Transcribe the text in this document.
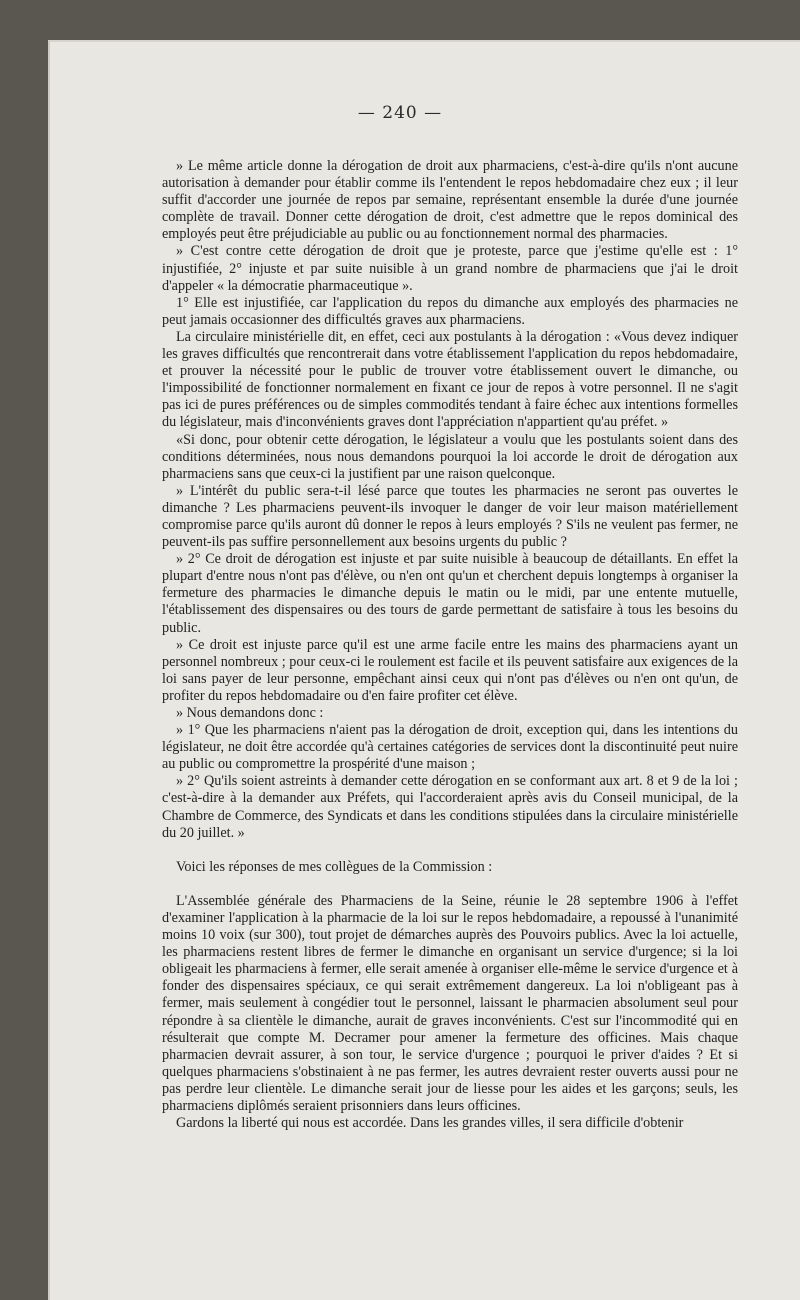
— 240 —

» Le même article donne la dérogation de droit aux pharmaciens, c'est-à-dire qu'ils n'ont aucune autorisation à demander pour établir comme ils l'entendent le repos hebdomadaire chez eux ; il leur suffit d'accorder une journée de repos par semaine, représentant ensemble la durée d'une journée complète de travail. Donner cette dérogation de droit, c'est admettre que le repos dominical des employés peut être préjudiciable au public ou au fonctionnement normal des pharmacies.

» C'est contre cette dérogation de droit que je proteste, parce que j'estime qu'elle est : 1° injustifiée, 2° injuste et par suite nuisible à un grand nombre de pharmaciens que j'ai le droit d'appeler « la démocratie pharmaceutique ».

1° Elle est injustifiée, car l'application du repos du dimanche aux employés des pharmacies ne peut jamais occasionner des difficultés graves aux pharmaciens.

La circulaire ministérielle dit, en effet, ceci aux postulants à la dérogation : «Vous devez indiquer les graves difficultés que rencontrerait dans votre établissement l'application du repos hebdomadaire, et prouver la nécessité pour le public de trouver votre établissement ouvert le dimanche, ou l'impossibilité de fonctionner normalement en fixant ce jour de repos à votre personnel. Il ne s'agit pas ici de pures préférences ou de simples commodités tendant à faire échec aux intentions formelles du législateur, mais d'inconvénients graves dont l'appréciation n'appartient qu'au préfet. »

«Si donc, pour obtenir cette dérogation, le législateur a voulu que les postulants soient dans des conditions déterminées, nous nous demandons pourquoi la loi accorde le droit de dérogation aux pharmaciens sans que ceux-ci la justifient par une raison quelconque.

» L'intérêt du public sera-t-il lésé parce que toutes les pharmacies ne seront pas ouvertes le dimanche ? Les pharmaciens peuvent-ils invoquer le danger de voir leur maison matériellement compromise parce qu'ils auront dû donner le repos à leurs employés ? S'ils ne veulent pas fermer, ne peuvent-ils pas suffire personnellement aux besoins urgents du public ?

» 2° Ce droit de dérogation est injuste et par suite nuisible à beaucoup de détaillants. En effet la plupart d'entre nous n'ont pas d'élève, ou n'en ont qu'un et cherchent depuis longtemps à organiser la fermeture des pharmacies le dimanche depuis le matin ou le midi, par une entente mutuelle, l'établissement des dispensaires ou des tours de garde permettant de satisfaire à tous les besoins du public.

» Ce droit est injuste parce qu'il est une arme facile entre les mains des pharmaciens ayant un personnel nombreux ; pour ceux-ci le roulement est facile et ils peuvent satisfaire aux exigences de la loi sans payer de leur personne, empêchant ainsi ceux qui n'ont pas d'élèves ou n'en ont qu'un, de profiter du repos hebdomadaire ou d'en faire profiter cet élève.

» Nous demandons donc :

» 1° Que les pharmaciens n'aient pas la dérogation de droit, exception qui, dans les intentions du législateur, ne doit être accordée qu'à certaines catégories de services dont la discontinuité peut nuire au public ou compromettre la prospérité d'une maison ;

» 2° Qu'ils soient astreints à demander cette dérogation en se conformant aux art. 8 et 9 de la loi ; c'est-à-dire à la demander aux Préfets, qui l'accorderaient après avis du Conseil municipal, de la Chambre de Commerce, des Syndicats et dans les conditions stipulées dans la circulaire ministérielle du 20 juillet. »

Voici les réponses de mes collègues de la Commission :

L'Assemblée générale des Pharmaciens de la Seine, réunie le 28 septembre 1906 à l'effet d'examiner l'application à la pharmacie de la loi sur le repos hebdomadaire, a repoussé à l'unanimité moins 10 voix (sur 300), tout projet de démarches auprès des Pouvoirs publics. Avec la loi actuelle, les pharmaciens restent libres de fermer le dimanche en organisant un service d'urgence; si la loi obligeait les pharmaciens à fermer, elle serait amenée à organiser elle-même le service d'urgence et à fonder des dispensaires spéciaux, ce qui serait extrêmement dangereux. La loi n'obligeant pas à fermer, mais seulement à congédier tout le personnel, laissant le pharmacien absolument seul pour répondre à sa clientèle le dimanche, aurait de graves inconvénients. C'est sur l'incommodité qui en résulterait que compte M. Decramer pour amener la fermeture des officines. Mais chaque pharmacien devrait assurer, à son tour, le service d'urgence ; pourquoi le priver d'aides ? Et si quelques pharmaciens s'obstinaient à ne pas fermer, les autres devraient rester ouverts aussi pour ne pas perdre leur clientèle. Le dimanche serait jour de liesse pour les aides et les garçons; seuls, les pharmaciens diplômés seraient prisonniers dans leurs officines.

Gardons la liberté qui nous est accordée. Dans les grandes villes, il sera difficile d'obtenir
